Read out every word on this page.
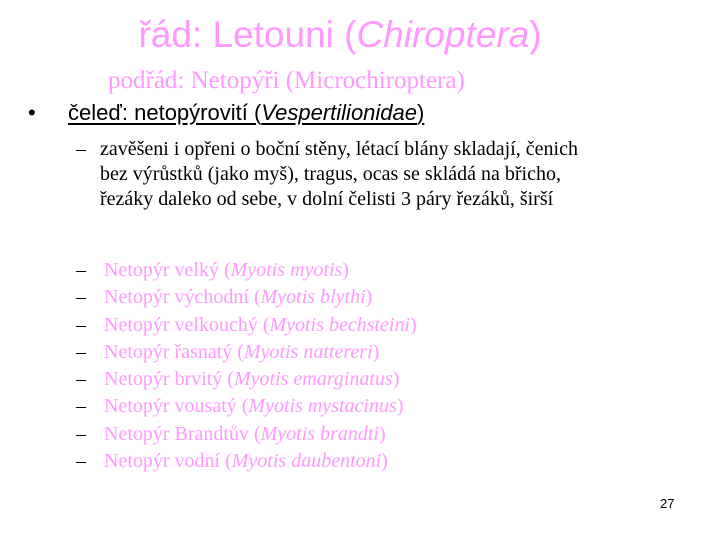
řád: Letouni (Chiroptera)
podřád: Netopýři (Microchiroptera)
• čeleď: netopýrovití (Vespertilionidae)
– zavěšeni i opřeni o boční stěny, létací blány skladají, čenich
bez výrůstků (jako myš), tragus, ocas se skládá na břicho,
řezáky daleko od sebe, v dolní čelisti 3 páry řezáků, širší
– Netopýr velký (Myotis myotis)
– Netopýr východní (Myotis blythi)
– Netopýr velkouchý (Myotis bechsteini)
– Netopýr řasnatý (Myotis nattereri)
– Netopýr brvitý (Myotis emarginatus)
– Netopýr vousatý (Myotis mystacinus)
– Netopýr Brandtův (Myotis brandti)
– Netopýr vodní (Myotis daubentoni)
27
